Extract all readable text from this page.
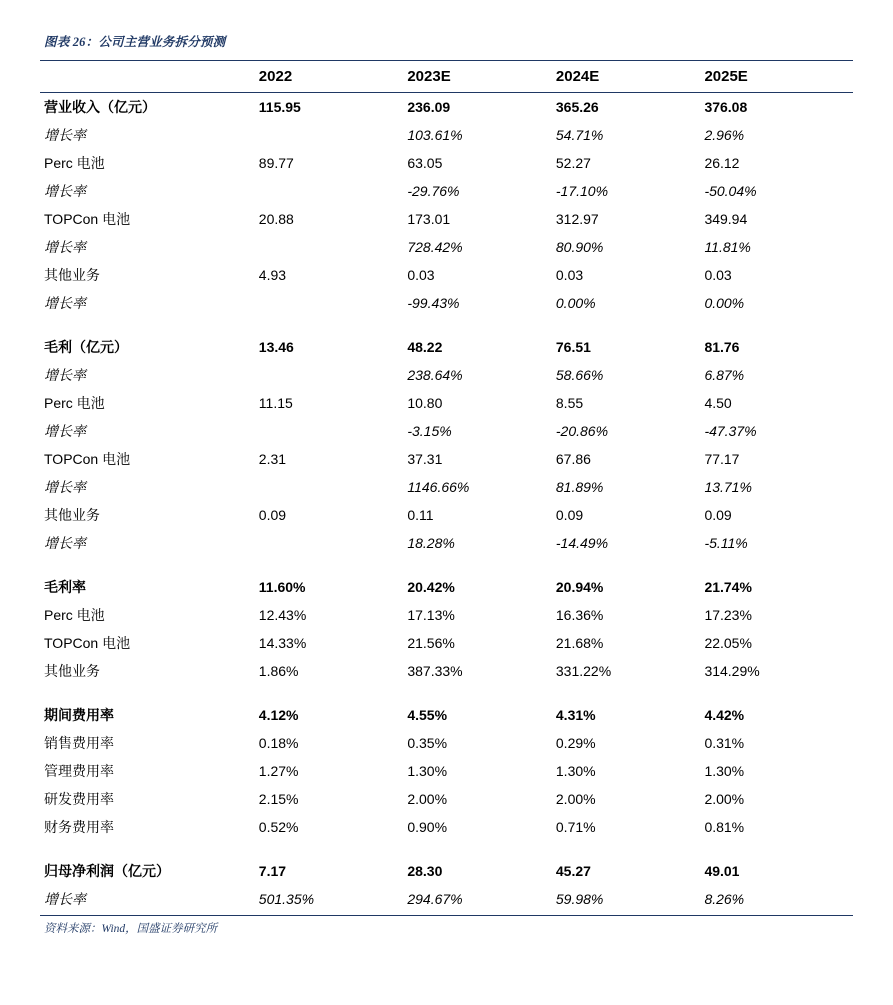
图表 26：公司主营业务拆分预测
	2022	2023E	2024E	2025E
营业收入（亿元）	115.95	236.09	365.26	376.08
增长率		103.61%	54.71%	2.96%
Perc 电池	89.77	63.05	52.27	26.12
增长率		-29.76%	-17.10%	-50.04%
TOPCon 电池	20.88	173.01	312.97	349.94
增长率		728.42%	80.90%	11.81%
其他业务	4.93	0.03	0.03	0.03
增长率		-99.43%	0.00%	0.00%

毛利（亿元）	13.46	48.22	76.51	81.76
增长率		238.64%	58.66%	6.87%
Perc 电池	11.15	10.80	8.55	4.50
增长率		-3.15%	-20.86%	-47.37%
TOPCon 电池	2.31	37.31	67.86	77.17
增长率		1146.66%	81.89%	13.71%
其他业务	0.09	0.11	0.09	0.09
增长率		18.28%	-14.49%	-5.11%

毛利率	11.60%	20.42%	20.94%	21.74%
Perc 电池	12.43%	17.13%	16.36%	17.23%
TOPCon 电池	14.33%	21.56%	21.68%	22.05%
其他业务	1.86%	387.33%	331.22%	314.29%

期间费用率	4.12%	4.55%	4.31%	4.42%
销售费用率	0.18%	0.35%	0.29%	0.31%
管理费用率	1.27%	1.30%	1.30%	1.30%
研发费用率	2.15%	2.00%	2.00%	2.00%
财务费用率	0.52%	0.90%	0.71%	0.81%

归母净利润（亿元）	7.17	28.30	45.27	49.01
增长率	501.35%	294.67%	59.98%	8.26%
资料来源：Wind，国盛证券研究所
